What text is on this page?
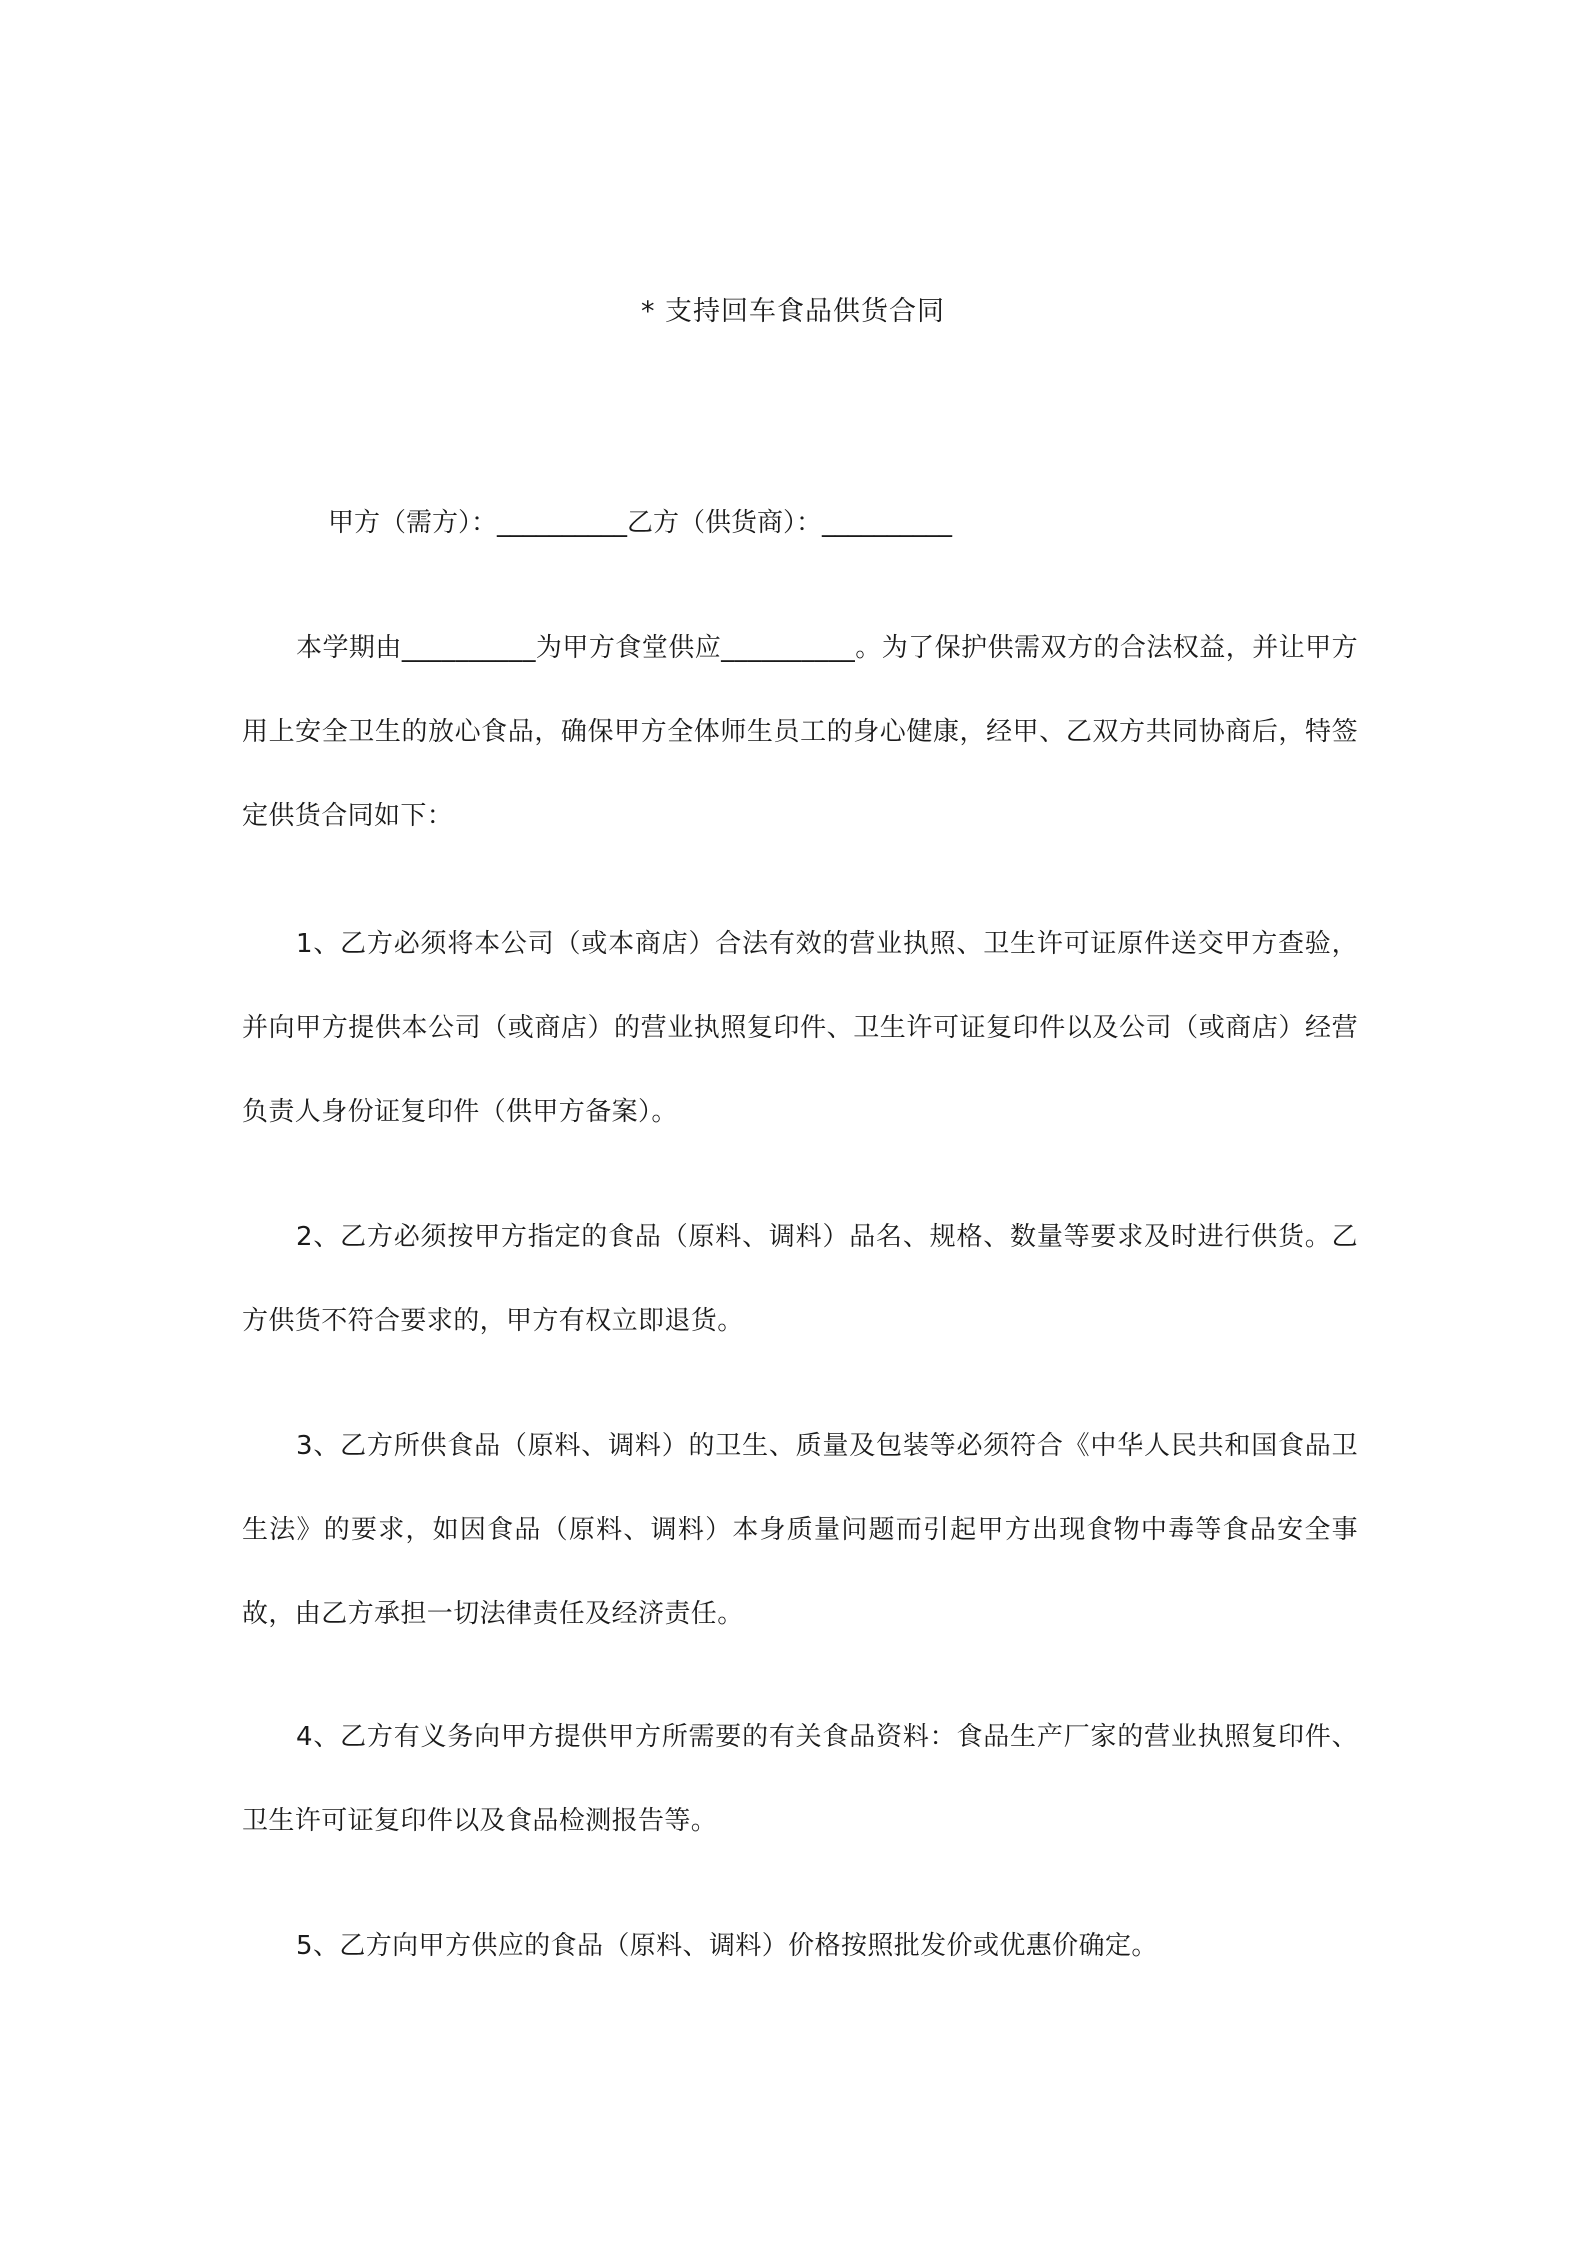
* 支持回车食品供货合同
甲方（需方）：__________乙方（供货商）：__________

本学期由__________为甲方食堂供应__________。为了保护供需双方的合法权益，并让甲方用上安全卫生的放心食品，确保甲方全体师生员工的身心健康，经甲、乙双方共同协商后，特签定供货合同如下：

1、乙方必须将本公司（或本商店）合法有效的营业执照、卫生许可证原件送交甲方查验，并向甲方提供本公司（或商店）的营业执照复印件、卫生许可证复印件以及公司（或商店）经营负责人身份证复印件（供甲方备案）。

2、乙方必须按甲方指定的食品（原料、调料）品名、规格、数量等要求及时进行供货。乙方供货不符合要求的，甲方有权立即退货。

3、乙方所供食品（原料、调料）的卫生、质量及包装等必须符合《中华人民共和国食品卫生法》的要求，如因食品（原料、调料）本身质量问题而引起甲方出现食物中毒等食品安全事故，由乙方承担一切法律责任及经济责任。

4、乙方有义务向甲方提供甲方所需要的有关食品资料：食品生产厂家的营业执照复印件、卫生许可证复印件以及食品检测报告等。

5、乙方向甲方供应的食品（原料、调料）价格按照批发价或优惠价确定。
